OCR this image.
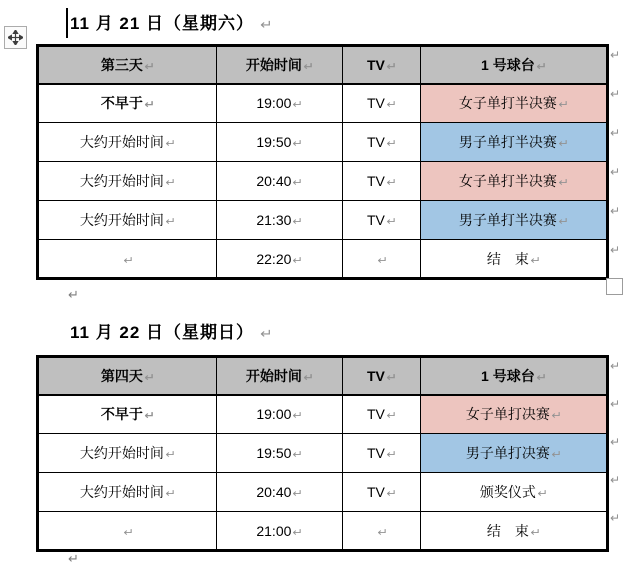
11 月 21 日（星期六） ↵
第三天↵	开始时间↵	TV↵	1 号球台↵
不早于↵	19:00↵	TV↵	女子单打半决赛↵
大约开始时间↵	19:50↵	TV↵	男子单打半决赛↵
大约开始时间↵	20:40↵	TV↵	女子单打半决赛↵
大约开始时间↵	21:30↵	TV↵	男子单打半决赛↵
↵	22:20↵	↵	结　束↵
↵
↵
↵
↵
↵
↵
↵
11 月 22 日（星期日） ↵
第四天↵	开始时间↵	TV↵	1 号球台↵
不早于↵	19:00↵	TV↵	女子单打决赛↵
大约开始时间↵	19:50↵	TV↵	男子单打决赛↵
大约开始时间↵	20:40↵	TV↵	颁奖仪式↵
↵	21:00↵	↵	结　束↵
↵
↵
↵
↵
↵
↵
